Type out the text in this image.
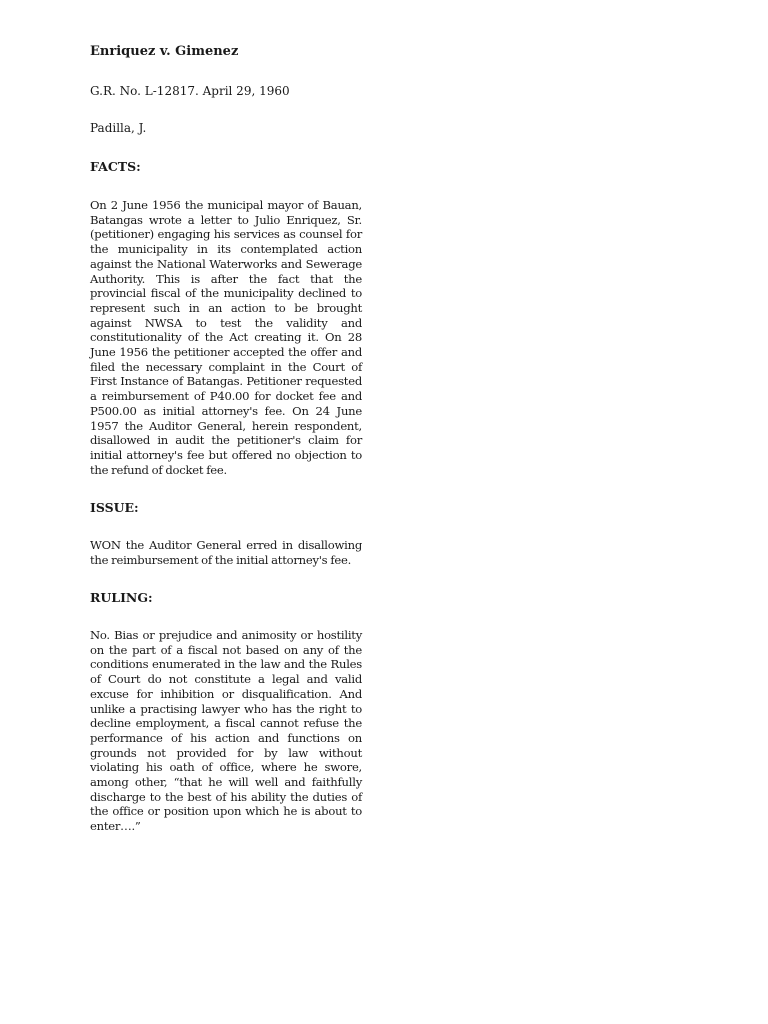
Enriquez v. Gimenez
G.R. No. L-12817. April 29, 1960
Padilla, J.
FACTS:

On 2 June 1956 the municipal mayor of Bauan, Batangas wrote a letter to Julio Enriquez, Sr. (petitioner) engaging his services as counsel for the municipality in its contemplated action against the National Waterworks and Sewerage Authority. This is after the fact that the provincial fiscal of the municipality declined to represent such in an action to be brought against NWSA to test the validity and constitutionality of the Act creating it. On 28 June 1956 the petitioner accepted the offer and filed the necessary complaint in the Court of First Instance of Batangas. Petitioner requested a reimbursement of P40.00 for docket fee and P500.00 as initial attorney's fee. On 24 June 1957 the Auditor General, herein respondent, disallowed in audit the petitioner's claim for initial attorney's fee but offered no objection to the refund of docket fee.

ISSUE:

WON the Auditor General erred in disallowing the reimbursement of the initial attorney's fee.

RULING:

No. Bias or prejudice and animosity or hostility on the part of a fiscal not based on any of the conditions enumerated in the law and the Rules of Court do not constitute a legal and valid excuse for inhibition or disqualification. And unlike a practising lawyer who has the right to decline employment, a fiscal cannot refuse the performance of his action and functions on grounds not provided for by law without violating his oath of office, where he swore, among other, “that he will well and faithfully discharge to the best of his ability the duties of the office or position upon which he is about to enter….”
